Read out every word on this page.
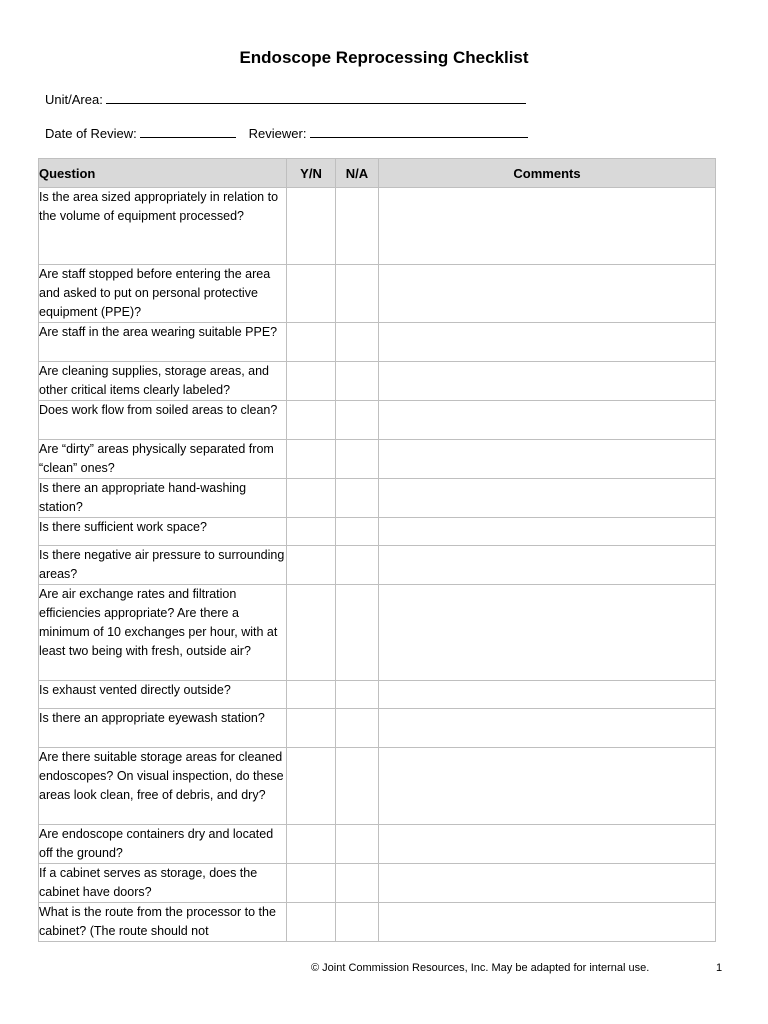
Endoscope Reprocessing Checklist
Unit/Area:
Date of Review:	Reviewer:
Question	Y/N	N/A	Comments
Is the area sized appropriately in relation to the volume of equipment processed?			
Are staff stopped before entering the area and asked to put on personal protective equipment (PPE)?			
Are staff in the area wearing suitable PPE?			
Are cleaning supplies, storage areas, and other critical items clearly labeled?			
Does work flow from soiled areas to clean?			
Are “dirty” areas physically separated from “clean” ones?			
Is there an appropriate hand-washing station?			
Is there sufficient work space?			
Is there negative air pressure to surrounding areas?			
Are air exchange rates and filtration efficiencies appropriate? Are there a minimum of 10 exchanges per hour, with at least two being with fresh, outside air?			
Is exhaust vented directly outside?			
Is there an appropriate eyewash station?			
Are there suitable storage areas for cleaned endoscopes? On visual inspection, do these areas look clean, free of debris, and dry?			
Are endoscope containers dry and located off the ground?			
If a cabinet serves as storage, does the cabinet have doors?			
What is the route from the processor to the cabinet? (The route should not			
© Joint Commission Resources, Inc. May be adapted for internal use.	1
